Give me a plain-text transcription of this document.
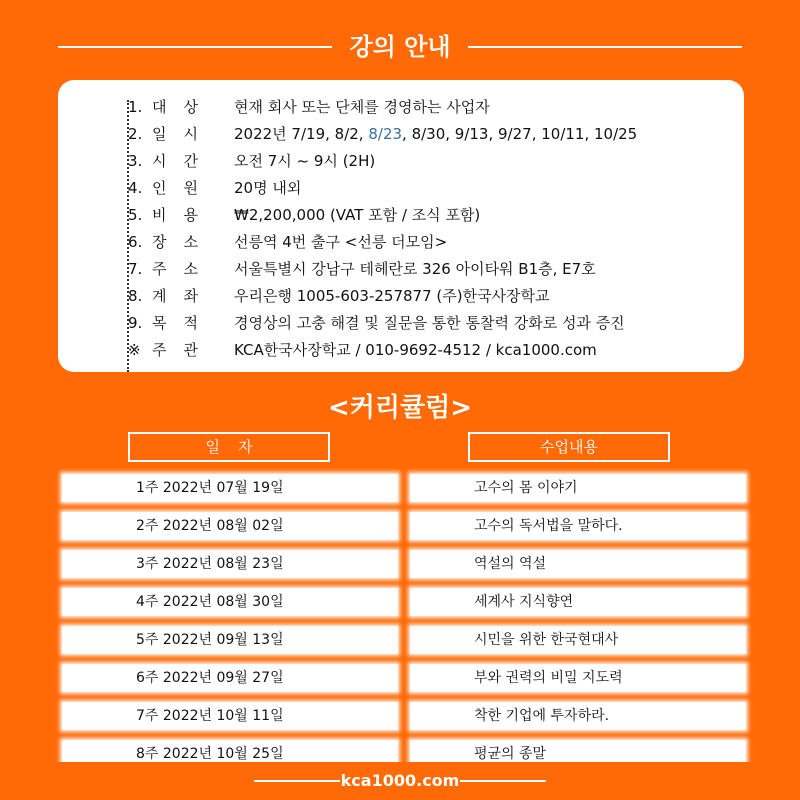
강의 안내
1. 대상	현재 회사 또는 단체를 경영하는 사업자
2. 일시	2022년 7/19, 8/2, 8/23, 8/30, 9/13, 9/27, 10/11, 10/25
3. 시간	오전 7시 ~ 9시 (2H)
4. 인원	20명 내외
5. 비용	₩2,200,000 (VAT 포함 / 조식 포함)
6. 장소	선릉역 4번 출구 <선릉 더모임>
7. 주소	서울특별시 강남구 테헤란로 326 아이타워 B1층, E7호
8. 계좌	우리은행 1005-603-257877 (주)한국사장학교
9. 목적	경영상의 고충 해결 및 질문을 통한 통찰력 강화로 성과 증진
※ 주관	KCA한국사장학교 / 010-9692-4512 / kca1000.com
<커리큘럼>
일자	수업내용
1주 2022년 07월 19일	고수의 몸 이야기
2주 2022년 08월 02일	고수의 독서법을 말하다.
3주 2022년 08월 23일	역설의 역설
4주 2022년 08월 30일	세계사 지식향연
5주 2022년 09월 13일	시민을 위한 한국현대사
6주 2022년 09월 27일	부와 권력의 비밀 지도력
7주 2022년 10월 11일	착한 기업에 투자하라.
8주 2022년 10월 25일	평균의 종말
kca1000.com
